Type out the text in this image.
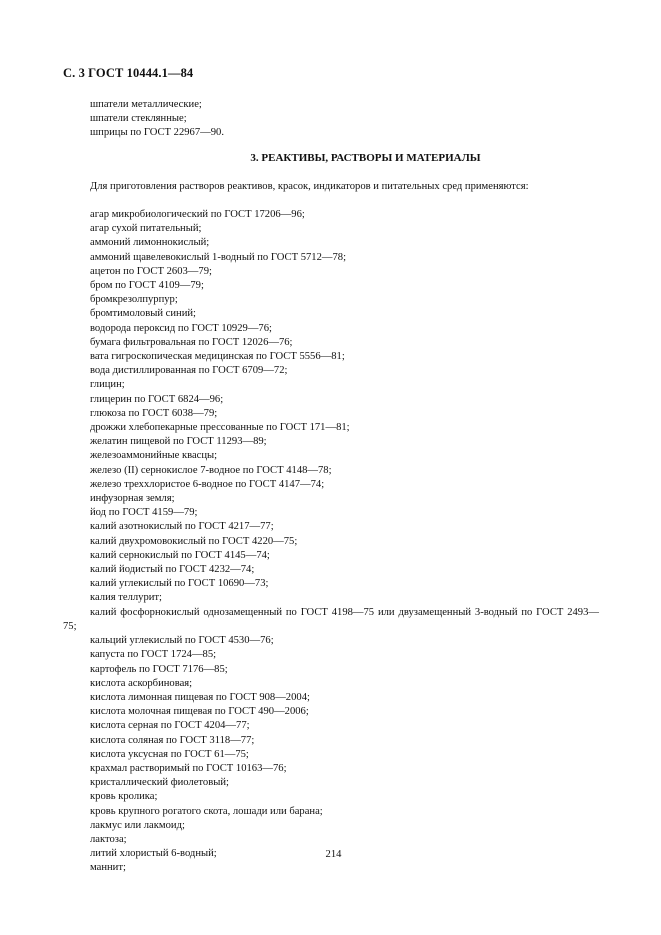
С. 3 ГОСТ 10444.1—84
шпатели металлические;
шпатели стеклянные;
шприцы по ГОСТ 22967—90.
3. РЕАКТИВЫ, РАСТВОРЫ И МАТЕРИАЛЫ
Для приготовления растворов реактивов, красок, индикаторов и питательных сред применяются:
агар микробиологический по ГОСТ 17206—96;
агар сухой питательный;
аммоний лимоннокислый;
аммоний щавелевокислый 1-водный по ГОСТ 5712—78;
ацетон по ГОСТ 2603—79;
бром по ГОСТ 4109—79;
бромкрезолпурпур;
бромтимоловый синий;
водорода пероксид по ГОСТ 10929—76;
бумага фильтровальная по ГОСТ 12026—76;
вата гигроскопическая медицинская по ГОСТ 5556—81;
вода дистиллированная по ГОСТ 6709—72;
глицин;
глицерин по ГОСТ 6824—96;
глюкоза по ГОСТ 6038—79;
дрожжи хлебопекарные прессованные по ГОСТ 171—81;
желатин пищевой по ГОСТ 11293—89;
железоаммонийные квасцы;
железо (II) сернокислое 7-водное по ГОСТ 4148—78;
железо треххлористое 6-водное по ГОСТ 4147—74;
инфузорная земля;
йод по ГОСТ 4159—79;
калий азотнокислый по ГОСТ 4217—77;
калий двухромовокислый по ГОСТ 4220—75;
калий сернокислый по ГОСТ 4145—74;
калий йодистый по ГОСТ 4232—74;
калий углекислый по ГОСТ 10690—73;
калия теллурит;
калий фосфорнокислый однозамещенный по ГОСТ 4198—75 или двузамещенный 3-водный по ГОСТ 2493—75;
кальций углекислый по ГОСТ 4530—76;
капуста по ГОСТ 1724—85;
картофель по ГОСТ 7176—85;
кислота аскорбиновая;
кислота лимонная пищевая по ГОСТ 908—2004;
кислота молочная пищевая по ГОСТ 490—2006;
кислота серная по ГОСТ 4204—77;
кислота соляная по ГОСТ 3118—77;
кислота уксусная по ГОСТ 61—75;
крахмал растворимый по ГОСТ 10163—76;
кристаллический фиолетовый;
кровь кролика;
кровь крупного рогатого скота, лошади или барана;
лакмус или лакмоид;
лактоза;
литий хлористый 6-водный;
маннит;
214
